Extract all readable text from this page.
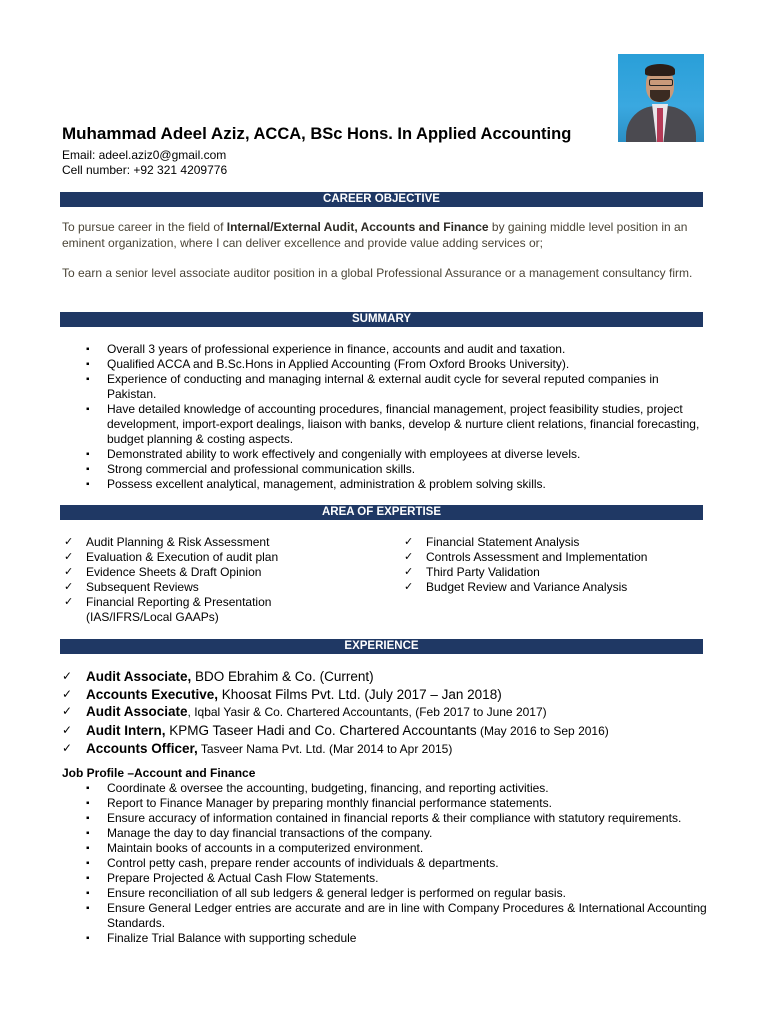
Muhammad Adeel Aziz, ACCA, BSc Hons. In Applied Accounting
Email: adeel.aziz0@gmail.com
Cell number: +92 321 4209776
CAREER OBJECTIVE
To pursue career in the field of Internal/External Audit, Accounts and Finance by gaining middle level position in an eminent organization, where I can deliver excellence and provide value adding services or;
To earn a senior level associate auditor position in a global Professional Assurance or a management consultancy firm.
SUMMARY
▪ Overall 3 years of professional experience in finance, accounts and audit and taxation.
▪ Qualified ACCA and B.Sc.Hons in Applied Accounting (From Oxford Brooks University).
▪ Experience of conducting and managing internal & external audit cycle for several reputed companies in Pakistan.
▪ Have detailed knowledge of accounting procedures, financial management, project feasibility studies, project development, import-export dealings, liaison with banks, develop & nurture client relations, financial forecasting, budget planning & costing aspects.
▪ Demonstrated ability to work effectively and congenially with employees at diverse levels.
▪ Strong commercial and professional communication skills.
▪ Possess excellent analytical, management, administration & problem solving skills.
AREA OF EXPERTISE
✓ Audit Planning & Risk Assessment
✓ Evaluation & Execution of audit plan
✓ Evidence Sheets & Draft Opinion
✓ Subsequent Reviews
✓ Financial Reporting & Presentation (IAS/IFRS/Local GAAPs)
✓ Financial Statement Analysis
✓ Controls Assessment and Implementation
✓ Third Party Validation
✓ Budget Review and Variance Analysis
EXPERIENCE
✓ Audit Associate, BDO Ebrahim & Co. (Current)
✓ Accounts Executive, Khoosat Films Pvt. Ltd. (July 2017 – Jan 2018)
✓ Audit Associate, Iqbal Yasir & Co. Chartered Accountants, (Feb 2017 to June 2017)
✓ Audit Intern, KPMG Taseer Hadi and Co. Chartered Accountants (May 2016 to Sep 2016)
✓ Accounts Officer, Tasveer Nama Pvt. Ltd. (Mar 2014 to Apr 2015)
Job Profile –Account and Finance
▪ Coordinate & oversee the accounting, budgeting, financing, and reporting activities.
▪ Report to Finance Manager by preparing monthly financial performance statements.
▪ Ensure accuracy of information contained in financial reports & their compliance with statutory requirements.
▪ Manage the day to day financial transactions of the company.
▪ Maintain books of accounts in a computerized environment.
▪ Control petty cash, prepare render accounts of individuals & departments.
▪ Prepare Projected & Actual Cash Flow Statements.
▪ Ensure reconciliation of all sub ledgers & general ledger is performed on regular basis.
▪ Ensure General Ledger entries are accurate and are in line with Company Procedures & International Accounting Standards.
▪ Finalize Trial Balance with supporting schedule
